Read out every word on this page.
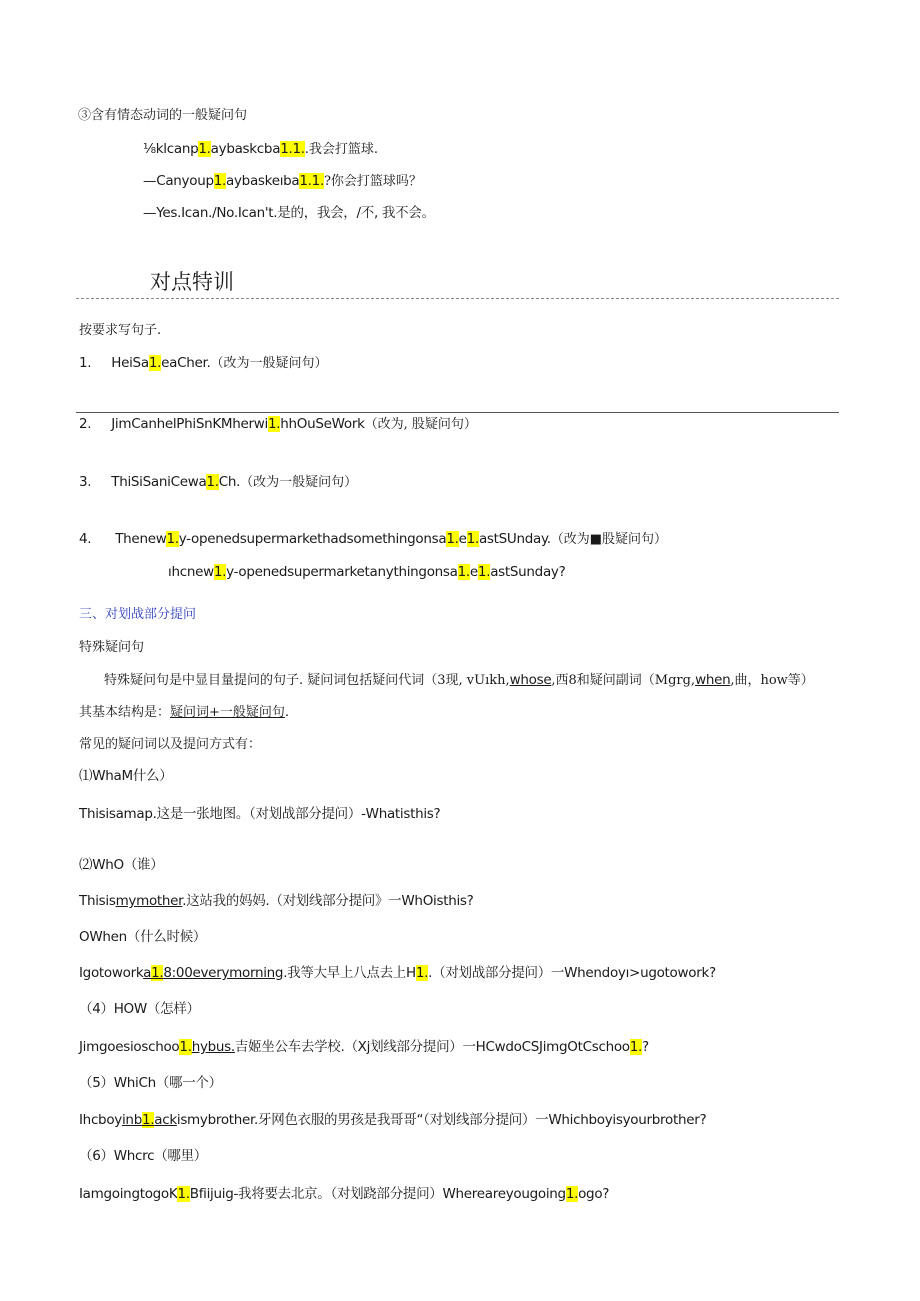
③含有情态动词的一般疑问句
⅛klcanp1.aybaskcba1.1..我会打篮球.
—Canyoup1.aybaskeıba1.1.?你会打篮球吗？
—Yes.Ican./No.Ican't.是的，我会，/不, 我不会。
对点特训
按要求写句子.
1. HeiSa1.eaCher.（改为一般疑问句）
2. JimCanhelPhiSnKMherwi1.hhOuSeWork（改为, 股疑问句）
3. ThiSiSaniCewa1.Ch.（改为一般疑问句）
4. Thenew1.y-openedsupermarkethadsomethingonsa1.e1.astSUnday.（改为■股疑问句）
ıhcnew1.y-openedsupermarketanythingonsa1.e1.astSunday?
三、对划战部分提问
特殊疑问句
特殊疑问句是中显目量提问的句子. 疑问词包括疑问代词（3现, vUıkh,whose,西8和疑问副词（Mgrg,when,曲，how等）
其基本结构是：疑问词+一般疑问句.
常见的疑问词以及提问方式有：
⑴WhaM什么）
Thisisamap.这是一张地图。（对划战部分提问）-Whatisthis?
⑵WhO（谁）
Thisismymother.这站我的妈妈.（对划线部分提问》一WhOisthis?
OWhen（什么时候）
Igotoworka1.8:00everymorning.我等大早上八点去上H1..（对划战部分提问）一Whendoyı>ugotowork?
（4）HOW（怎样）
Jimgoesioschoo1.hybus.吉姬坐公车去学校.（Xj划线部分提问）一HCwdoCSJimgOtCschoo1.?
（5）WhiCh（哪一个）
Ihcboyinb1.ackismybrother.牙网色衣服的男孩是我哥哥“（对划线部分提问）一Whichboyisyourbrother?
（6）Whcrc（哪里）
IamgoingtogoK1.Bfiijuig-我将要去北京。（对划跷部分提问）Whereareyougoing1.ogo?
